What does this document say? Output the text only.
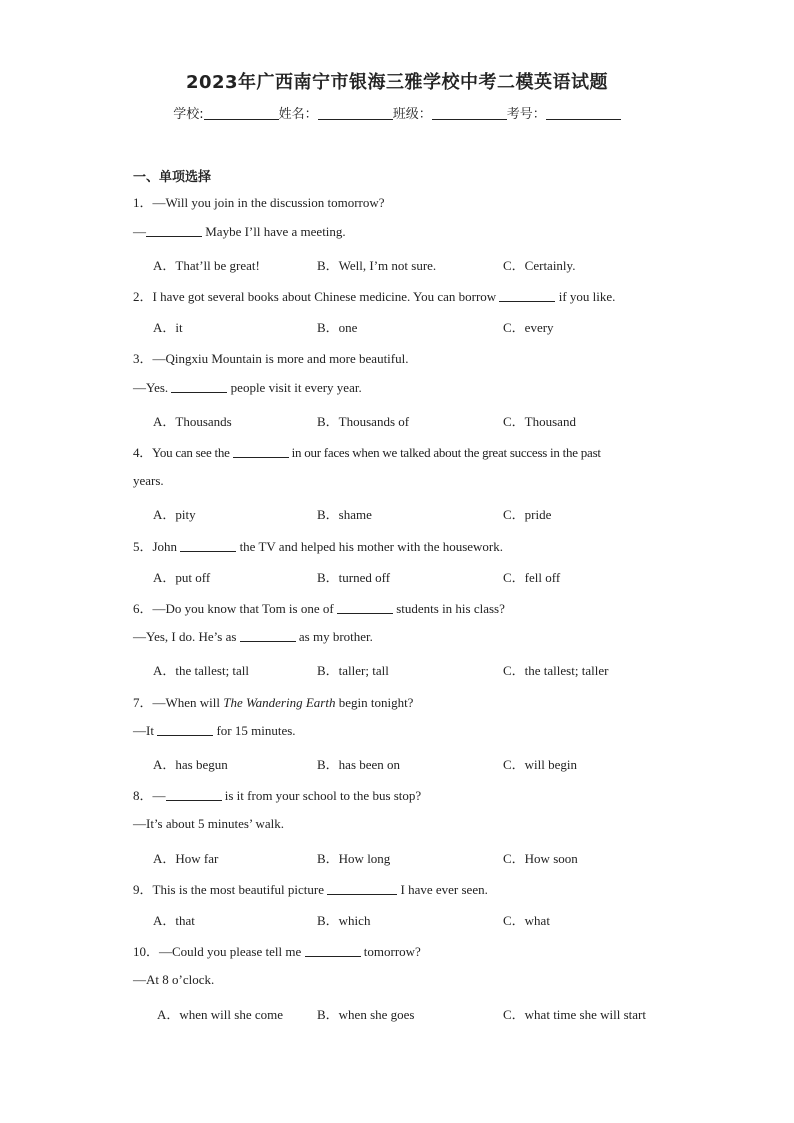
2023年广西南宁市银海三雅学校中考二模英语试题
学校:	姓名：	班级：	考号：
一、单项选择
1．—Will you join in the discussion tomorrow?
—	Maybe I’ll have a meeting.
A．That’ll be great!	B．Well, I’m not sure.	C．Certainly.
2．I have got several books about Chinese medicine. You can borrow	if you like.
A．it	B．one	C．every
3．—Qingxiu Mountain is more and more beautiful.
—Yes.	people visit it every year.
A．Thousands	B．Thousands of	C．Thousand
4．You can see the	in our faces when we talked about the great success in the past
years.
A．pity	B．shame	C．pride
5．John	the TV and helped his mother with the housework.
A．put off	B．turned off	C．fell off
6．—Do you know that Tom is one of	students in his class?
—Yes, I do. He’s as	as my brother.
A．the tallest; tall	B．taller; tall	C．the tallest; taller
7．—When will The Wandering Earth begin tonight?
—It	for 15 minutes.
A．has begun	B．has been on	C．will begin
8．—	is it from your school to the bus stop?
—It’s about 5 minutes’ walk.
A．How far	B．How long	C．How soon
9．This is the most beautiful picture	I have ever seen.
A．that	B．which	C．what
10．—Could you please tell me	tomorrow?
—At 8 o’clock.
A．when will she come	B．when she goes	C．what time she will start
